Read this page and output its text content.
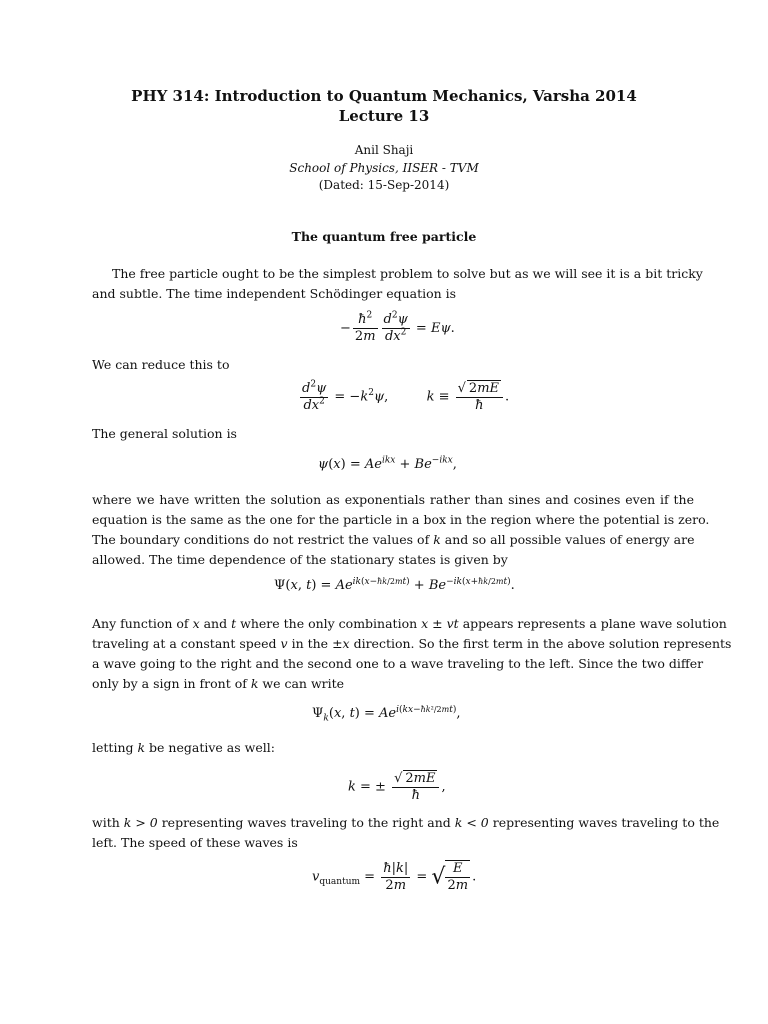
PHY 314: Introduction to Quantum Mechanics, Varsha 2014
Lecture 13
Anil Shaji
School of Physics, IISER - TVM
(Dated: 15-Sep-2014)
The quantum free particle
The free particle ought to be the simplest problem to solve but as we will see it is a bit tricky
and subtle. The time independent Schödinger equation is
− $\frac{ħ^2}{2m} \frac{d^2\psi}{dx^2} = E\psi$.
We can reduce this to
$\frac{d^2\psi}{dx^2} = -k^2\psi$,	$k \equiv \frac{√ 2mE}{ħ}$ .
The general solution is
$\psi(x) = Ae^{ikx} + Be^{-ikx}$,
where we have written the solution as exponentials rather than sines and cosines even if the
equation is the same as the one for the particle in a box in the region where the potential is zero.
The boundary conditions do not restrict the values of k and so all possible values of energy are
allowed. The time dependence of the stationary states is given by
Ψ(x, $t) = Ae^{ik(x-ħk/2mt)} + Be^{-ik(x+ħk/2mt)}$.
Any function of x and t where the only combination x ± vt appears represents a plane wave solution
traveling at a constant speed v in the ±x direction. So the first term in the above solution represents
a wave going to the right and the second one to a wave traveling to the left. Since the two differ
only by a sign in front of k we can write
$\Psi_k(x$, $t) = Ae^{i(kx-ħk^2/2mt)}$,
letting k be negative as well:
k = ± $\frac{√ 2mE}{ħ}$ ,
with k > 0 representing waves traveling to the right and k < 0 representing waves traveling to the
left. The speed of these waves is
$v_{quantum} = \frac{ħ|k|}{2m}$ = √ $\frac{E}{2m}$ .
